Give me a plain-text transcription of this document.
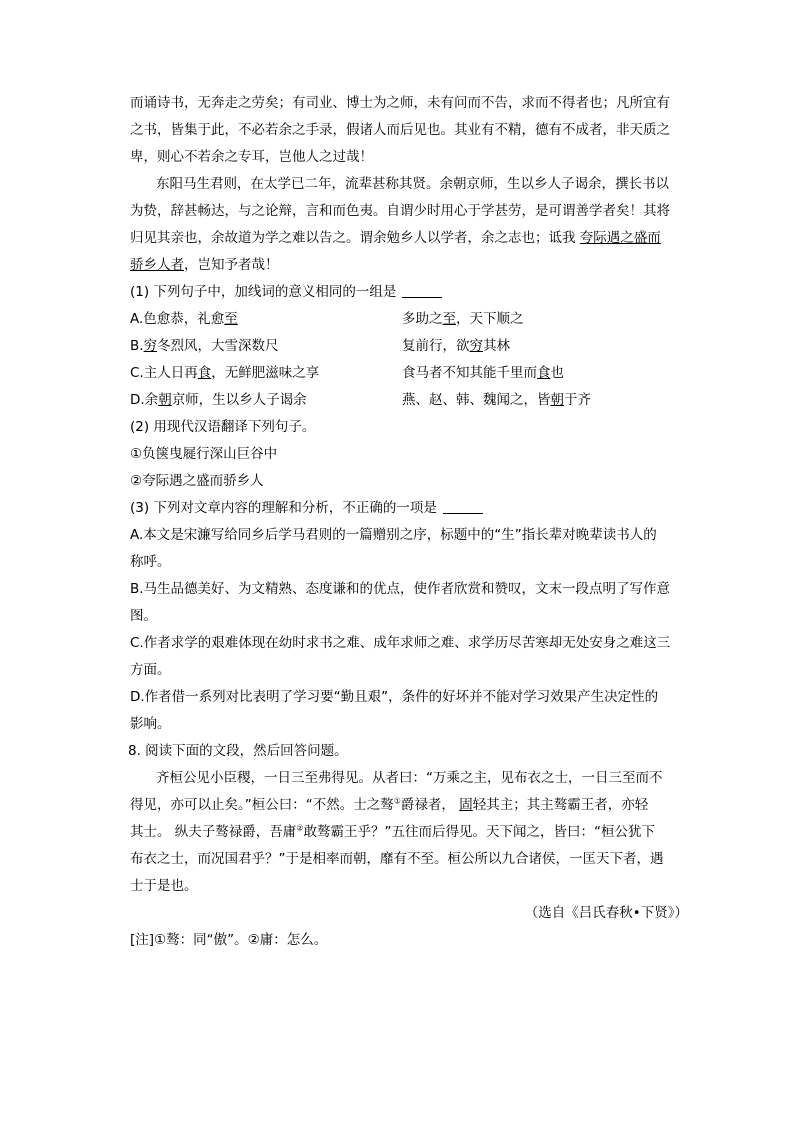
而诵诗书，无奔走之劳矣；有司业、博士为之师，未有问而不告，求而不得者也；凡所宜有
之书，皆集于此，不必若余之手录，假诸人而后见也。其业有不精，德有不成者，非天质之
卑，则心不若余之专耳，岂他人之过哉！
东阳马生君则，在太学已二年，流辈甚称其贤。余朝京师，生以乡人子谒余，撰长书以
为贽，辞甚畅达，与之论辩，言和而色夷。自谓少时用心于学甚劳，是可谓善学者矣！其将
归见其亲也，余故道为学之难以告之。谓余勉乡人以学者，余之志也；诋我 夸际遇之盛而
骄乡人者，岂知予者哉！
(1) 下列句子中，加线词的意义相同的一组是
A.色愈恭，礼愈至	多助之至，天下顺之
B.穷冬烈风，大雪深数尺	复前行，欲穷其林
C.主人日再食，无鲜肥滋味之享	食马者不知其能千里而食也
D.余朝京师，生以乡人子谒余	燕、赵、韩、魏闻之，皆朝于齐
(2) 用现代汉语翻译下列句子。
①负箧曳屣行深山巨谷中
②夸际遇之盛而骄乡人
(3) 下列对文章内容的理解和分析，不正确的一项是
A.本文是宋濂写给同乡后学马君则的一篇赠别之序，标题中的“生”指长辈对晚辈读书人的
称呼。
B.马生品德美好、为文精熟、态度谦和的优点，使作者欣赏和赞叹，文末一段点明了写作意
图。
C.作者求学的艰难体现在幼时求书之难、成年求师之难、求学历尽苦寒却无处安身之难这三
方面。
D.作者借一系列对比表明了学习要“勤且艰”，条件的好坏并不能对学习效果产生决定性的
影响。
8. 阅读下面的文段，然后回答问题。
齐桓公见小臣稷，一日三至弗得见。从者曰：“万乘之主，见布衣之士，一日三至而不
得见，亦可以止矣。”桓公曰：“不然。士之骜①爵禄者， 固轻其主；其主骜霸王者，亦轻
其士。 纵夫子骜禄爵，吾庸②敢骜霸王乎？”五往而后得见。天下闻之，皆曰：“桓公犹下
布衣之士，而况国君乎？”于是相率而朝，靡有不至。桓公所以九合诸侯，一匡天下者，遇
士于是也。
（选自《吕氏春秋•下贤》）
[注]①骜：同“傲”。②庸：怎么。
